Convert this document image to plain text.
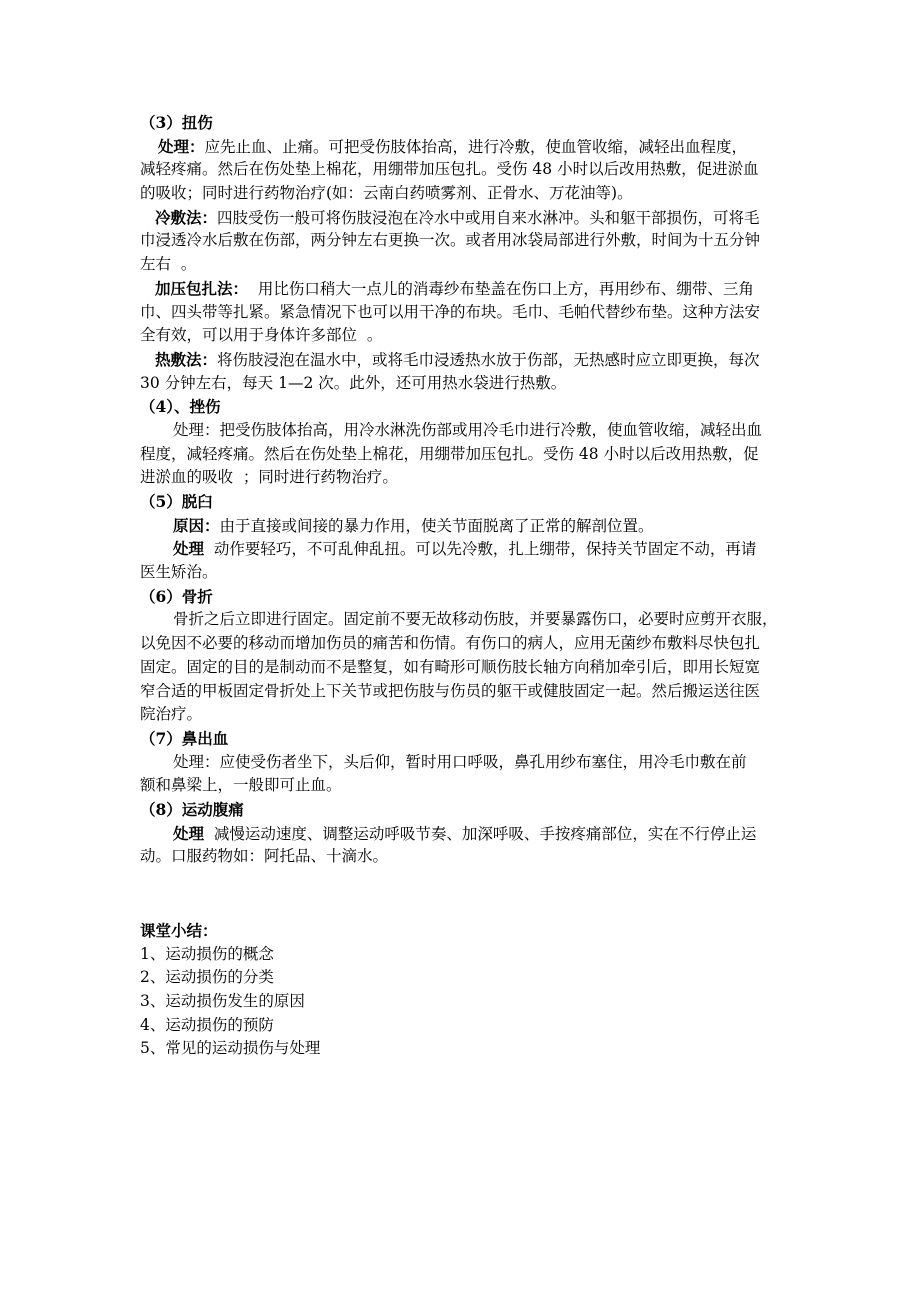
（3）扭伤
处理：应先止血、止痛。可把受伤肢体抬高，进行冷敷，使血管收缩，减轻出血程度，
减轻疼痛。然后在伤处垫上棉花，用绷带加压包扎。受伤 48 小时以后改用热敷，促进淤血
的吸收；同时进行药物治疗(如：云南白药喷雾剂、正骨水、万花油等)。
冷敷法：四肢受伤一般可将伤肢浸泡在冷水中或用自来水淋冲。头和躯干部损伤，可将毛
巾浸透冷水后敷在伤部，两分钟左右更换一次。或者用冰袋局部进行外敷，时间为十五分钟
左右  。
加压包扎法：  用比伤口稍大一点儿的消毒纱布垫盖在伤口上方，再用纱布、绷带、三角
巾、四头带等扎紧。紧急情况下也可以用干净的布块。毛巾、毛帕代替纱布垫。这种方法安
全有效，可以用于身体许多部位  。
热敷法：将伤肢浸泡在温水中，或将毛巾浸透热水放于伤部，无热感时应立即更换，每次
30 分钟左右，每天 1—2 次。此外，还可用热水袋进行热敷。
（4）、挫伤
处理：把受伤肢体抬高，用冷水淋洗伤部或用冷毛巾进行冷敷，使血管收缩，减轻出血
程度，减轻疼痛。然后在伤处垫上棉花，用绷带加压包扎。受伤 48 小时以后改用热敷，促
进淤血的吸收  ；同时进行药物治疗。
（5）脱臼
原因：由于直接或间接的暴力作用，使关节面脱离了正常的解剖位置。
处理  动作要轻巧，不可乱伸乱扭。可以先冷敷，扎上绷带，保持关节固定不动，再请
医生矫治。
（6）骨折
骨折之后立即进行固定。固定前不要无故移动伤肢，并要暴露伤口，必要时应剪开衣服，
以免因不必要的移动而增加伤员的痛苦和伤情。有伤口的病人，应用无菌纱布敷料尽快包扎
固定。固定的目的是制动而不是整复，如有畸形可顺伤肢长轴方向稍加牵引后，即用长短宽
窄合适的甲板固定骨折处上下关节或把伤肢与伤员的躯干或健肢固定一起。然后搬运送往医
院治疗。
（7）鼻出血
处理：应使受伤者坐下，头后仰，暂时用口呼吸，鼻孔用纱布塞住，用冷毛巾敷在前
额和鼻梁上，一般即可止血。
（8）运动腹痛
处理  减慢运动速度、调整运动呼吸节奏、加深呼吸、手按疼痛部位，实在不行停止运
动。口服药物如：阿托品、十滴水。
课堂小结：
1、运动损伤的概念
2、运动损伤的分类
3、运动损伤发生的原因
4、运动损伤的预防
5、常见的运动损伤与处理
